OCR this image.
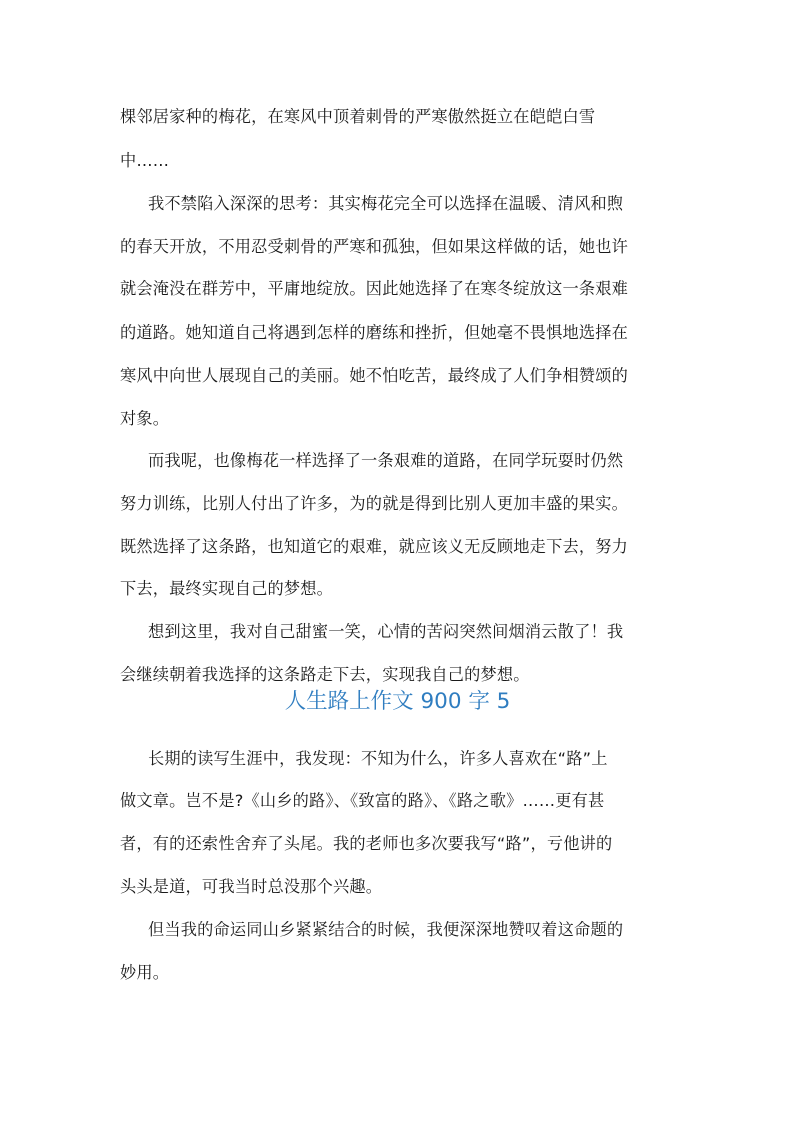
棵邻居家种的梅花，在寒风中顶着刺骨的严寒傲然挺立在皑皑白雪
中……
我不禁陷入深深的思考：其实梅花完全可以选择在温暖、清风和煦
的春天开放，不用忍受刺骨的严寒和孤独，但如果这样做的话，她也许
就会淹没在群芳中，平庸地绽放。因此她选择了在寒冬绽放这一条艰难
的道路。她知道自己将遇到怎样的磨练和挫折，但她毫不畏惧地选择在
寒风中向世人展现自己的美丽。她不怕吃苦，最终成了人们争相赞颂的
对象。
而我呢，也像梅花一样选择了一条艰难的道路，在同学玩耍时仍然
努力训练，比别人付出了许多，为的就是得到比别人更加丰盛的果实。
既然选择了这条路，也知道它的艰难，就应该义无反顾地走下去，努力
下去，最终实现自己的梦想。
想到这里，我对自己甜蜜一笑，心情的苦闷突然间烟消云散了！我
会继续朝着我选择的这条路走下去，实现我自己的梦想。
人生路上作文 900 字 5
长期的读写生涯中，我发现：不知为什么，许多人喜欢在“路”上
做文章。岂不是?《山乡的路》、《致富的路》、《路之歌》……更有甚
者，有的还索性舍弃了头尾。我的老师也多次要我写“路”，亏他讲的
头头是道，可我当时总没那个兴趣。
但当我的命运同山乡紧紧结合的时候，我便深深地赞叹着这命题的
妙用。
